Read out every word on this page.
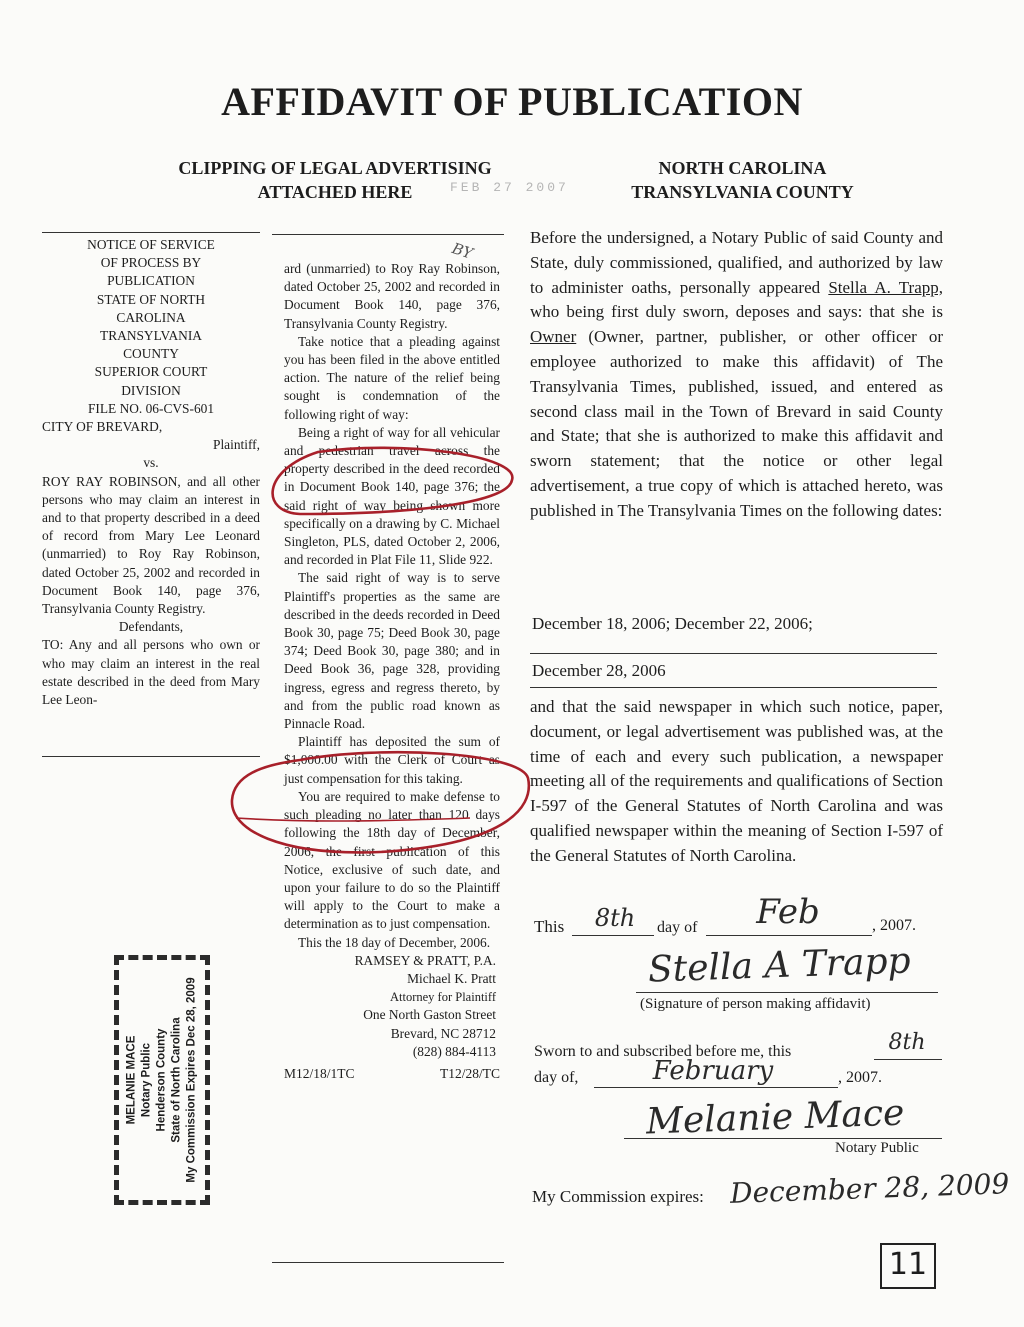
AFFIDAVIT OF PUBLICATION
CLIPPING OF LEGAL ADVERTISING
ATTACHED HERE
NORTH CAROLINA
TRANSYLVANIA COUNTY
FEB 27 2007
NOTICE OF SERVICE
OF PROCESS BY
PUBLICATION
STATE OF NORTH
CAROLINA
TRANSYLVANIA
COUNTY
SUPERIOR COURT
DIVISION
FILE NO. 06-CVS-601
CITY OF BREVARD,
Plaintiff,
vs.
ROY RAY ROBINSON, and all other persons who may claim an interest in and to that property described in a deed of record from Mary Lee Leonard (unmarried) to Roy Ray Robinson, dated October 25, 2002 and recorded in Document Book 140, page 376, Transylvania County Registry.
Defendants,
TO: Any and all persons who own or who may claim an interest in the real estate described in the deed from Mary Lee Leon-

ard (unmarried) to Roy Ray Robinson, dated October 25, 2002 and recorded in Document Book 140, page 376, Transylvania County Registry.

Take notice that a pleading against you has been filed in the above entitled action. The nature of the relief being sought is condemnation of the following right of way:

Being a right of way for all vehicular and pedestrian travel across the property described in the deed recorded in Document Book 140, page 376; the said right of way being shown more specifically on a drawing by C. Michael Singleton, PLS, dated October 2, 2006, and recorded in Plat File 11, Slide 922.

The said right of way is to serve Plaintiff's properties as the same are described in the deeds recorded in Deed Book 30, page 75; Deed Book 30, page 374; Deed Book 30, page 380; and in Deed Book 36, page 328, providing ingress, egress and regress thereto, by and from the public road known as Pinnacle Road.

Plaintiff has deposited the sum of $1,000.00 with the Clerk of Court as just compensation for this taking.

You are required to make defense to such pleading no later than 120 days following the 18th day of December, 2006, the first publication of this Notice, exclusive of such date, and upon your failure to do so the Plaintiff will apply to the Court to make a determination as to just compensation.

This the 18 day of December, 2006.

RAMSEY & PRATT, P.A.

Michael K. Pratt

Attorney for Plaintiff

One North Gaston Street

Brevard, NC 28712

(828) 884-4113

M12/18/1TC	T12/28/TC

BY
MELANIE MACE Notary Public Henderson County State of North Carolina My Commission Expires Dec 28, 2009

Before the undersigned, a Notary Public of said County and State, duly commissioned, qualified, and authorized by law to administer oaths, personally appeared Stella A. Trapp, who being first duly sworn, deposes and says: that she is Owner (Owner, partner, publisher, or other officer or employee authorized to make this affidavit) of The Transylvania Times, published, issued, and entered as second class mail in the Town of Brevard in said County and State; that she is authorized to make this affidavit and sworn statement; that the notice or other legal advertisement, a true copy of which is attached hereto, was published in The Transylvania Times on the following dates:

December 18, 2006; December 22, 2006;
December 28, 2006

and that the said newspaper in which such notice, paper, document, or legal advertisement was published was, at the time of each and every such publication, a newspaper meeting all of the requirements and qualifications of Section I-597 of the General Statutes of North Carolina and was qualified newspaper within the meaning of Section I-597 of the General Statutes of North Carolina.

This	8th	day of	Feb	, 2007.
Stella A Trapp
(Signature of person making affidavit)
Sworn to and subscribed before me, this	8th
day of,	February	, 2007.
Melanie Mace
Notary Public
My Commission expires: December 28, 2009
11
